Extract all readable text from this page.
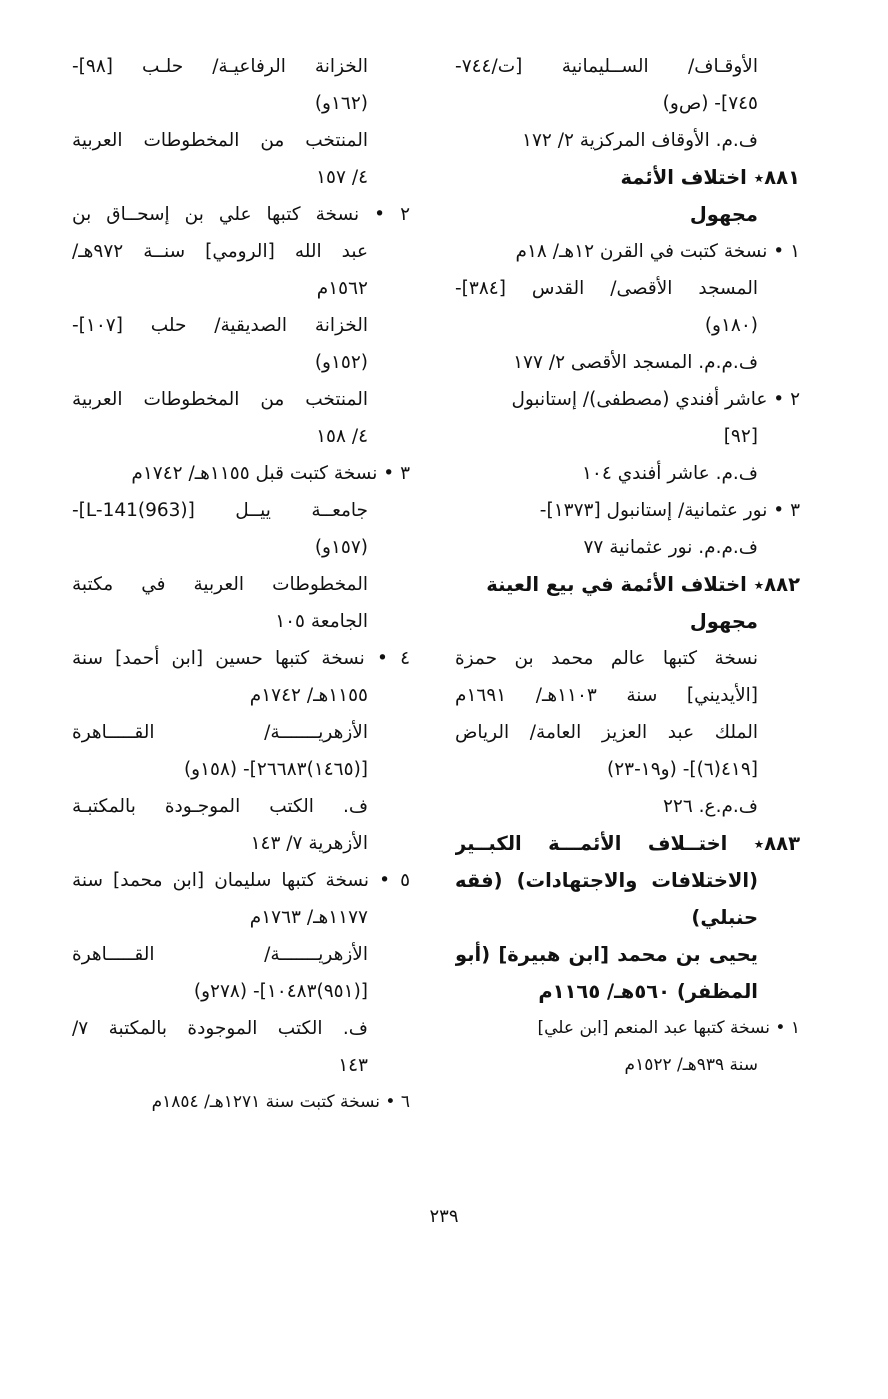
الأوقـاف/ الســليمانية [ت/٧٤٤-
٧٤٥]- (ص‌و)
ف.م. الأوقاف المركزية ٢/ ١٧٢
٨٨١٭ اختلاف الأئمة
مجهول
١ • نسخة كتبت في القرن ١٢هـ/ ١٨م
المسجد الأقصى/ القدس [٣٨٤]-
(١٨٠و)
ف.م.م. المسجد الأقصى ٢/ ١٧٧
٢ • عاشر أفندي (مصطفى)/ إستانبول
[٩٢]
ف.م. عاشر أفندي ١٠٤
٣ • نور عثمانية/ إستانبول [١٣٧٣]-
ف.م.م. نور عثمانية ٧٧
٨٨٢٭ اختلاف الأئمة في بيع العينة
مجهول
نسخة كتبها عالم محمد بن حمزة
[الأيديني] سنة ١١٠٣هـ/ ١٦٩١م
الملك عبد العزيز العامة/ الرياض
[٤١٩(٦)]- (و١٩-٢٣)
ف.م.ع. ٢٢٦
٨٨٣٭ اختــلاف الأئمـــة الكبــير
(الاختلافات والاجتهادات) (فقه
حنبلي)
يحيى بن محمد [ابن هبيرة] (أبو
المظفر) ٥٦٠هـ/ ١١٦٥م
١ • نسخة كتبها عبد المنعم [ابن علي]
سنة ٩٣٩هـ/ ١٥٢٢م
الخزانة الرفاعيـة/ حلـب [٩٨]-
(١٦٢و)
المنتخب من المخطوطات العربية
٤/ ١٥٧
٢ • نسخة كتبها علي بن إسحــاق بن
عبد الله [الرومي] سنــة ٩٧٢هـ/
١٥٦٢م
الخزانة الصديقية/ حلب [١٠٧]-
(١٥٢و)
المنتخب من المخطوطات العربية
٤/ ١٥٨
٣ • نسخة كتبت قبل ١١٥٥هـ/ ١٧٤٢م
جامعــة ييــل [L-141(963)]-
(١٥٧و)
المخطوطات العربية في مكتبة
الجامعة ١٠٥
٤ • نسخة كتبها حسين [ابن أحمد] سنة
١١٥٥هـ/ ١٧٤٢م
الأزهريـــــــة/ القـــــاهرة
[(١٤٦٥)٢٦٦٨٣]- (١٥٨و)
ف. الكتب الموجـودة بالمكتبـة
الأزهرية ٧/ ١٤٣
٥ • نسخة كتبها سليمان [ابن محمد] سنة
١١٧٧هـ/ ١٧٦٣م
الأزهريـــــــة/ القـــــاهرة
[(٩٥١)١٠٤٨٣]- (٢٧٨و)
ف. الكتب الموجودة بالمكتبة ٧/
١٤٣
٦ • نسخة كتبت سنة ١٢٧١هـ/ ١٨٥٤م
٢٣٩
